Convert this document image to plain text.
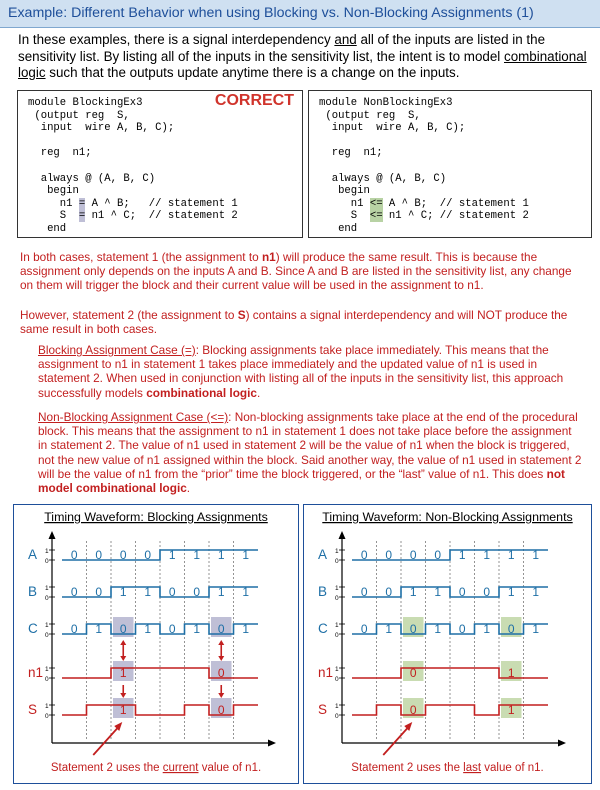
Example: Different Behavior when using Blocking vs. Non-Blocking Assignments (1)
In these examples, there is a signal interdependency and all of the inputs are listed in the sensitivity list. By listing all of the inputs in the sensitivity list, the intent is to model combinational logic such that the outputs update anytime there is a change on the inputs.
CORRECT
module BlockingEx3
(output reg  S,
input  wire A, B, C);

reg  n1;

always @ (A, B, C)
begin
n1 = A ^ B;   // statement 1
S  = n1 ^ C;  // statement 2
end
module NonBlockingEx3
(output reg  S,
input  wire A, B, C);

reg  n1;

always @ (A, B, C)
begin
n1 <= A ^ B;  // statement 1
S  <= n1 ^ C; // statement 2
end
In both cases, statement 1 (the assignment to n1) will produce the same result. This is because the assignment only depends on the inputs A and B. Since A and B are listed in the sensitivity list, any change on them will trigger the block and their current value will be used in the assignment to n1.
However, statement 2 (the assignment to S) contains a signal interdependency and will NOT produce the same result in both cases.
Blocking Assignment Case (=): Blocking assignments take place immediately. This means that the assignment to n1 in statement 1 takes place immediately and the updated value of n1 is used in statement 2. When used in conjunction with listing all of the inputs in the sensitivity list, this approach successfully models combinational logic.
Non-Blocking Assignment Case (<=): Non-blocking assignments take place at the end of the procedural block. This means that the assignment to n1 in statement 1 does not take place before the assignment in statement 2. The value of n1 used in statement 2 will be the value of n1 when the block is triggered, not the new value of n1 assigned within the block. Said another way, the value of n1 used in statement 2 will be the value of n1 from the “prior” time the block triggered, or the “last” value of n1. This does not model combinational logic.
Timing Waveform: Blocking Assignments
A 1
0 0 0 0 0 1 1 1 1
B 1
0 0 0 1 1 0 0 1 1
C 1
0 0 1 0 1 0 1 0 1
n1 1
0
S 1
0
1	0
1	0
Statement 2 uses the current value of n1.
Timing Waveform: Non-Blocking Assignments
A 1
0 0 0 0 0 1 1 1 1
B 1
0 0 0 1 1 0 0 1 1
C 1
0 0 1 0 1 0 1 0 1
n1 1
0
S 1
0
0	1
0	1
Statement 2 uses the last value of n1.
